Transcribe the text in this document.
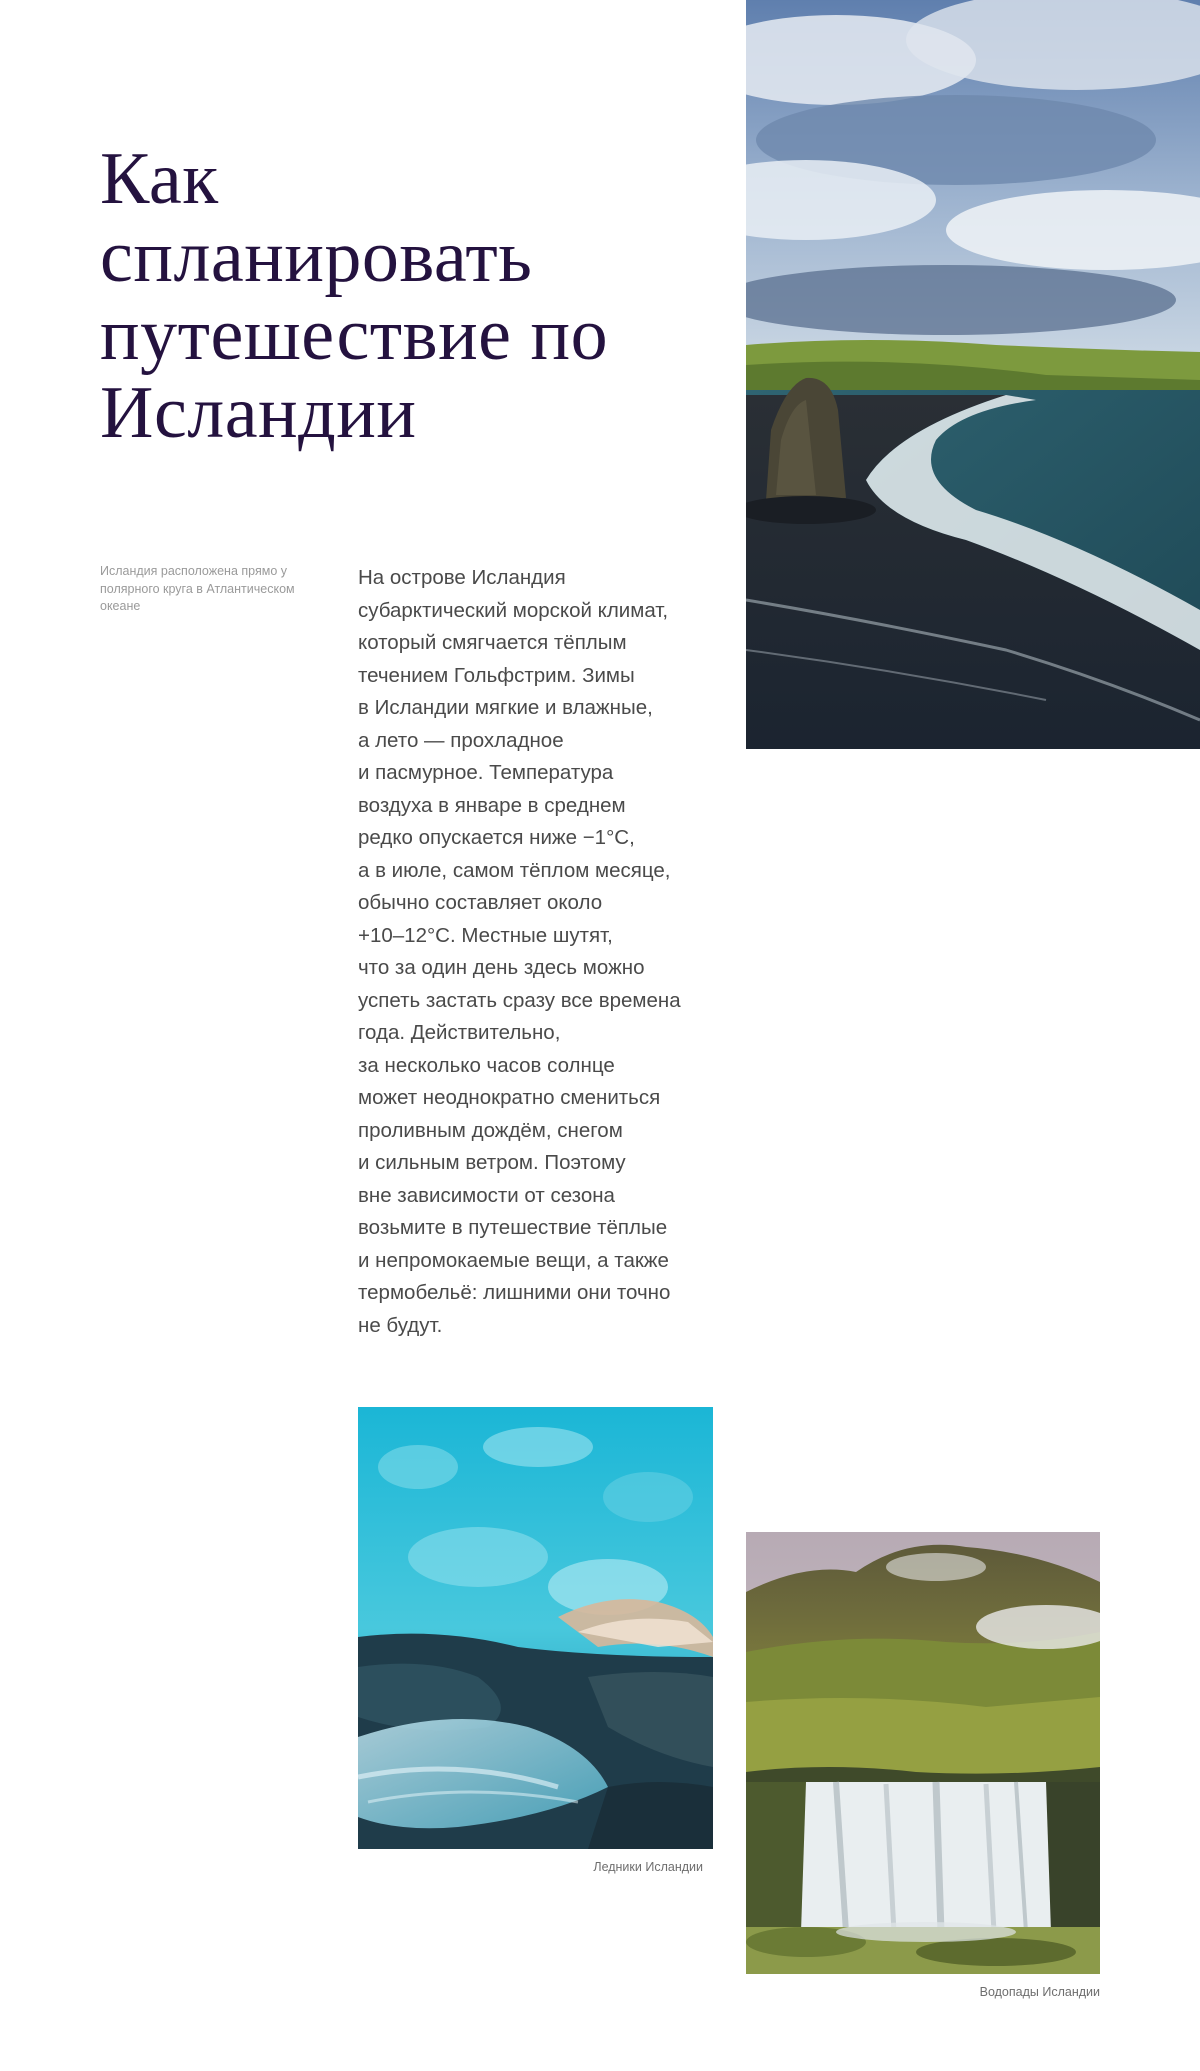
Как спланировать путешествие по Исландии

Исландия расположена прямо у полярного круга в Атлантическом океане

На острове Исландия
субарктический морской климат,
который смягчается тёплым
течением Гольфстрим. Зимы
в Исландии мягкие и влажные,
а лето — прохладное
и пасмурное. Температура
воздуха в январе в среднем
редко опускается ниже −1°С,
а в июле, самом тёплом месяце,
обычно составляет около
+10–12°С. Местные шутят,
что за один день здесь можно
успеть застать сразу все времена
года. Действительно,
за несколько часов солнце
может неоднократно смениться
проливным дождём, снегом
и сильным ветром. Поэтому
вне зависимости от сезона
возьмите в путешествие тёплые
и непромокаемые вещи, а также
термобельё: лишними они точно
не будут.

Ледники Исландии

Водопады Исландии
